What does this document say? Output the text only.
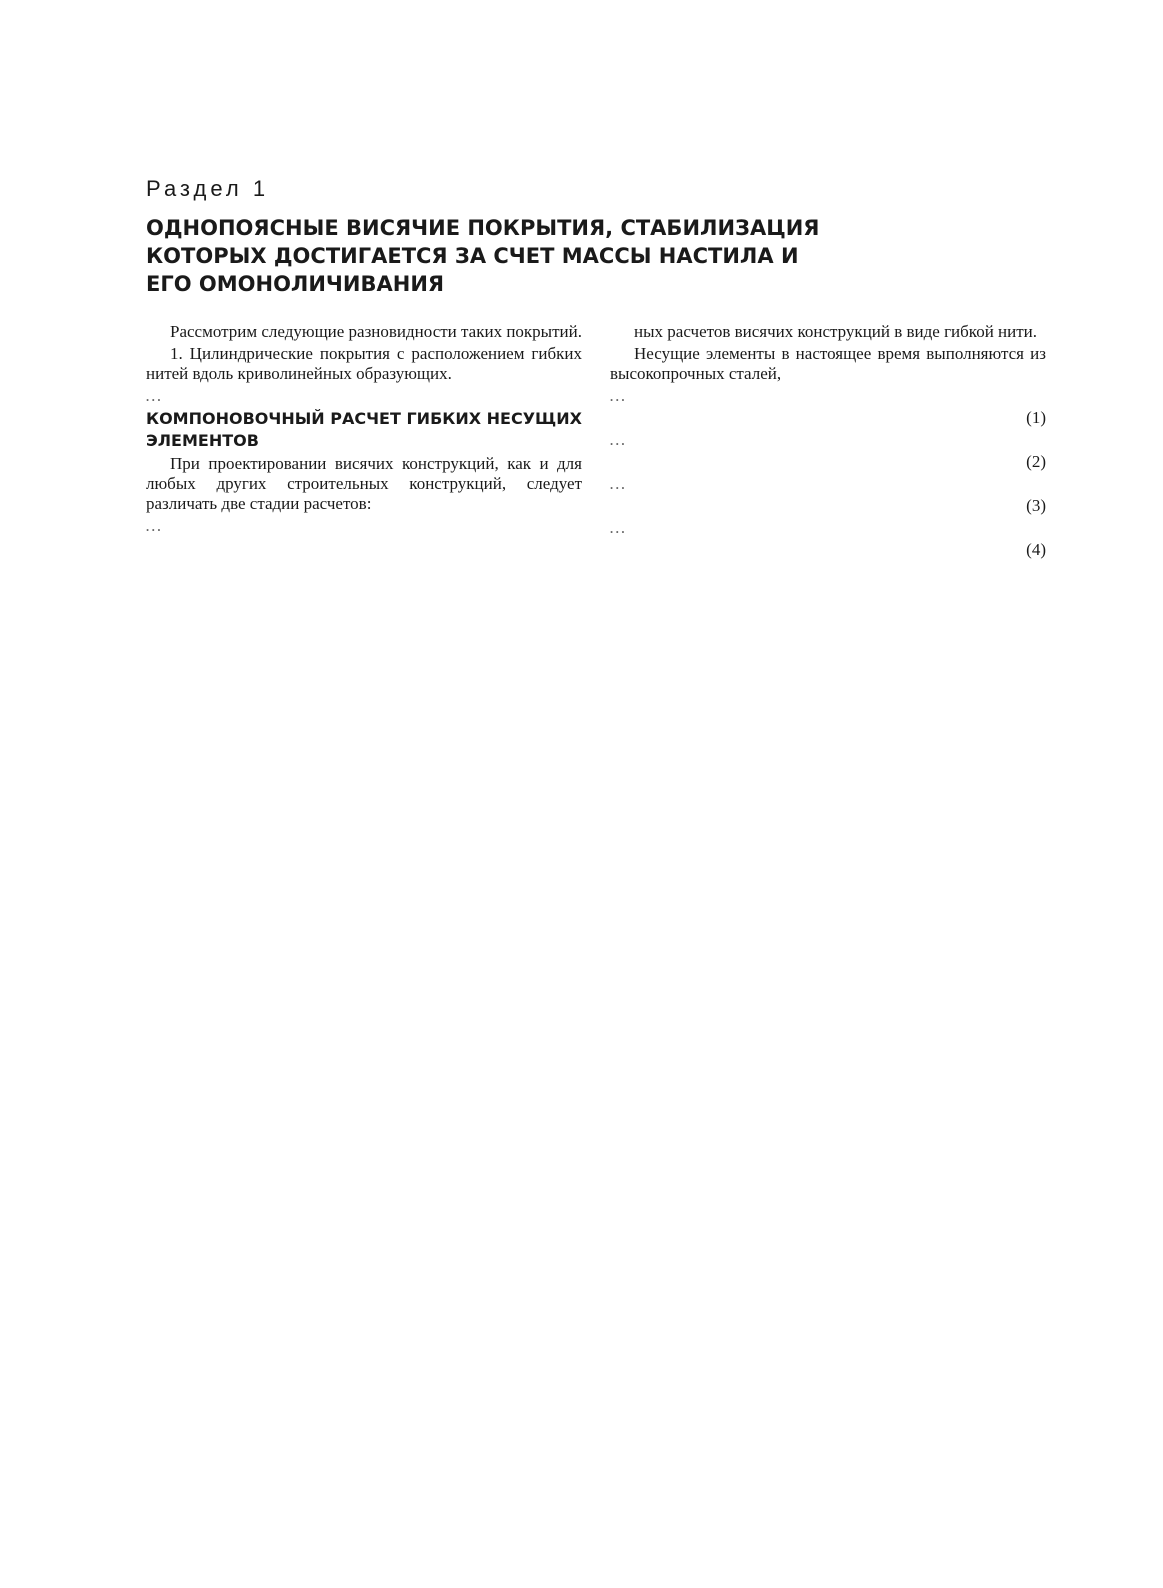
Раздел 1
ОДНОПОЯСНЫЕ ВИСЯЧИЕ ПОКРЫТИЯ, СТАБИЛИЗАЦИЯ КОТОРЫХ ДОСТИГАЕТСЯ ЗА СЧЕТ МАССЫ НАСТИЛА И ЕГО ОМОНОЛИЧИВАНИЯ

Рассмотрим следующие разновидности таких покрытий.

1. Цилиндрические покрытия с расположением гибких нитей вдоль криволинейных образующих.

…

КОМПОНОВОЧНЫЙ РАСЧЕТ ГИБКИХ НЕСУЩИХ ЭЛЕМЕНТОВ

При проектировании висячих конструкций, как и для любых других строительных конструкций, следует различать две стадии расчетов:

…

ных расчетов висячих конструкций в виде гибкой нити.

Несущие элементы в настоящее время выполняются из высокопрочных сталей,

…

(1)

…

(2)

…

(3)

…

(4)
